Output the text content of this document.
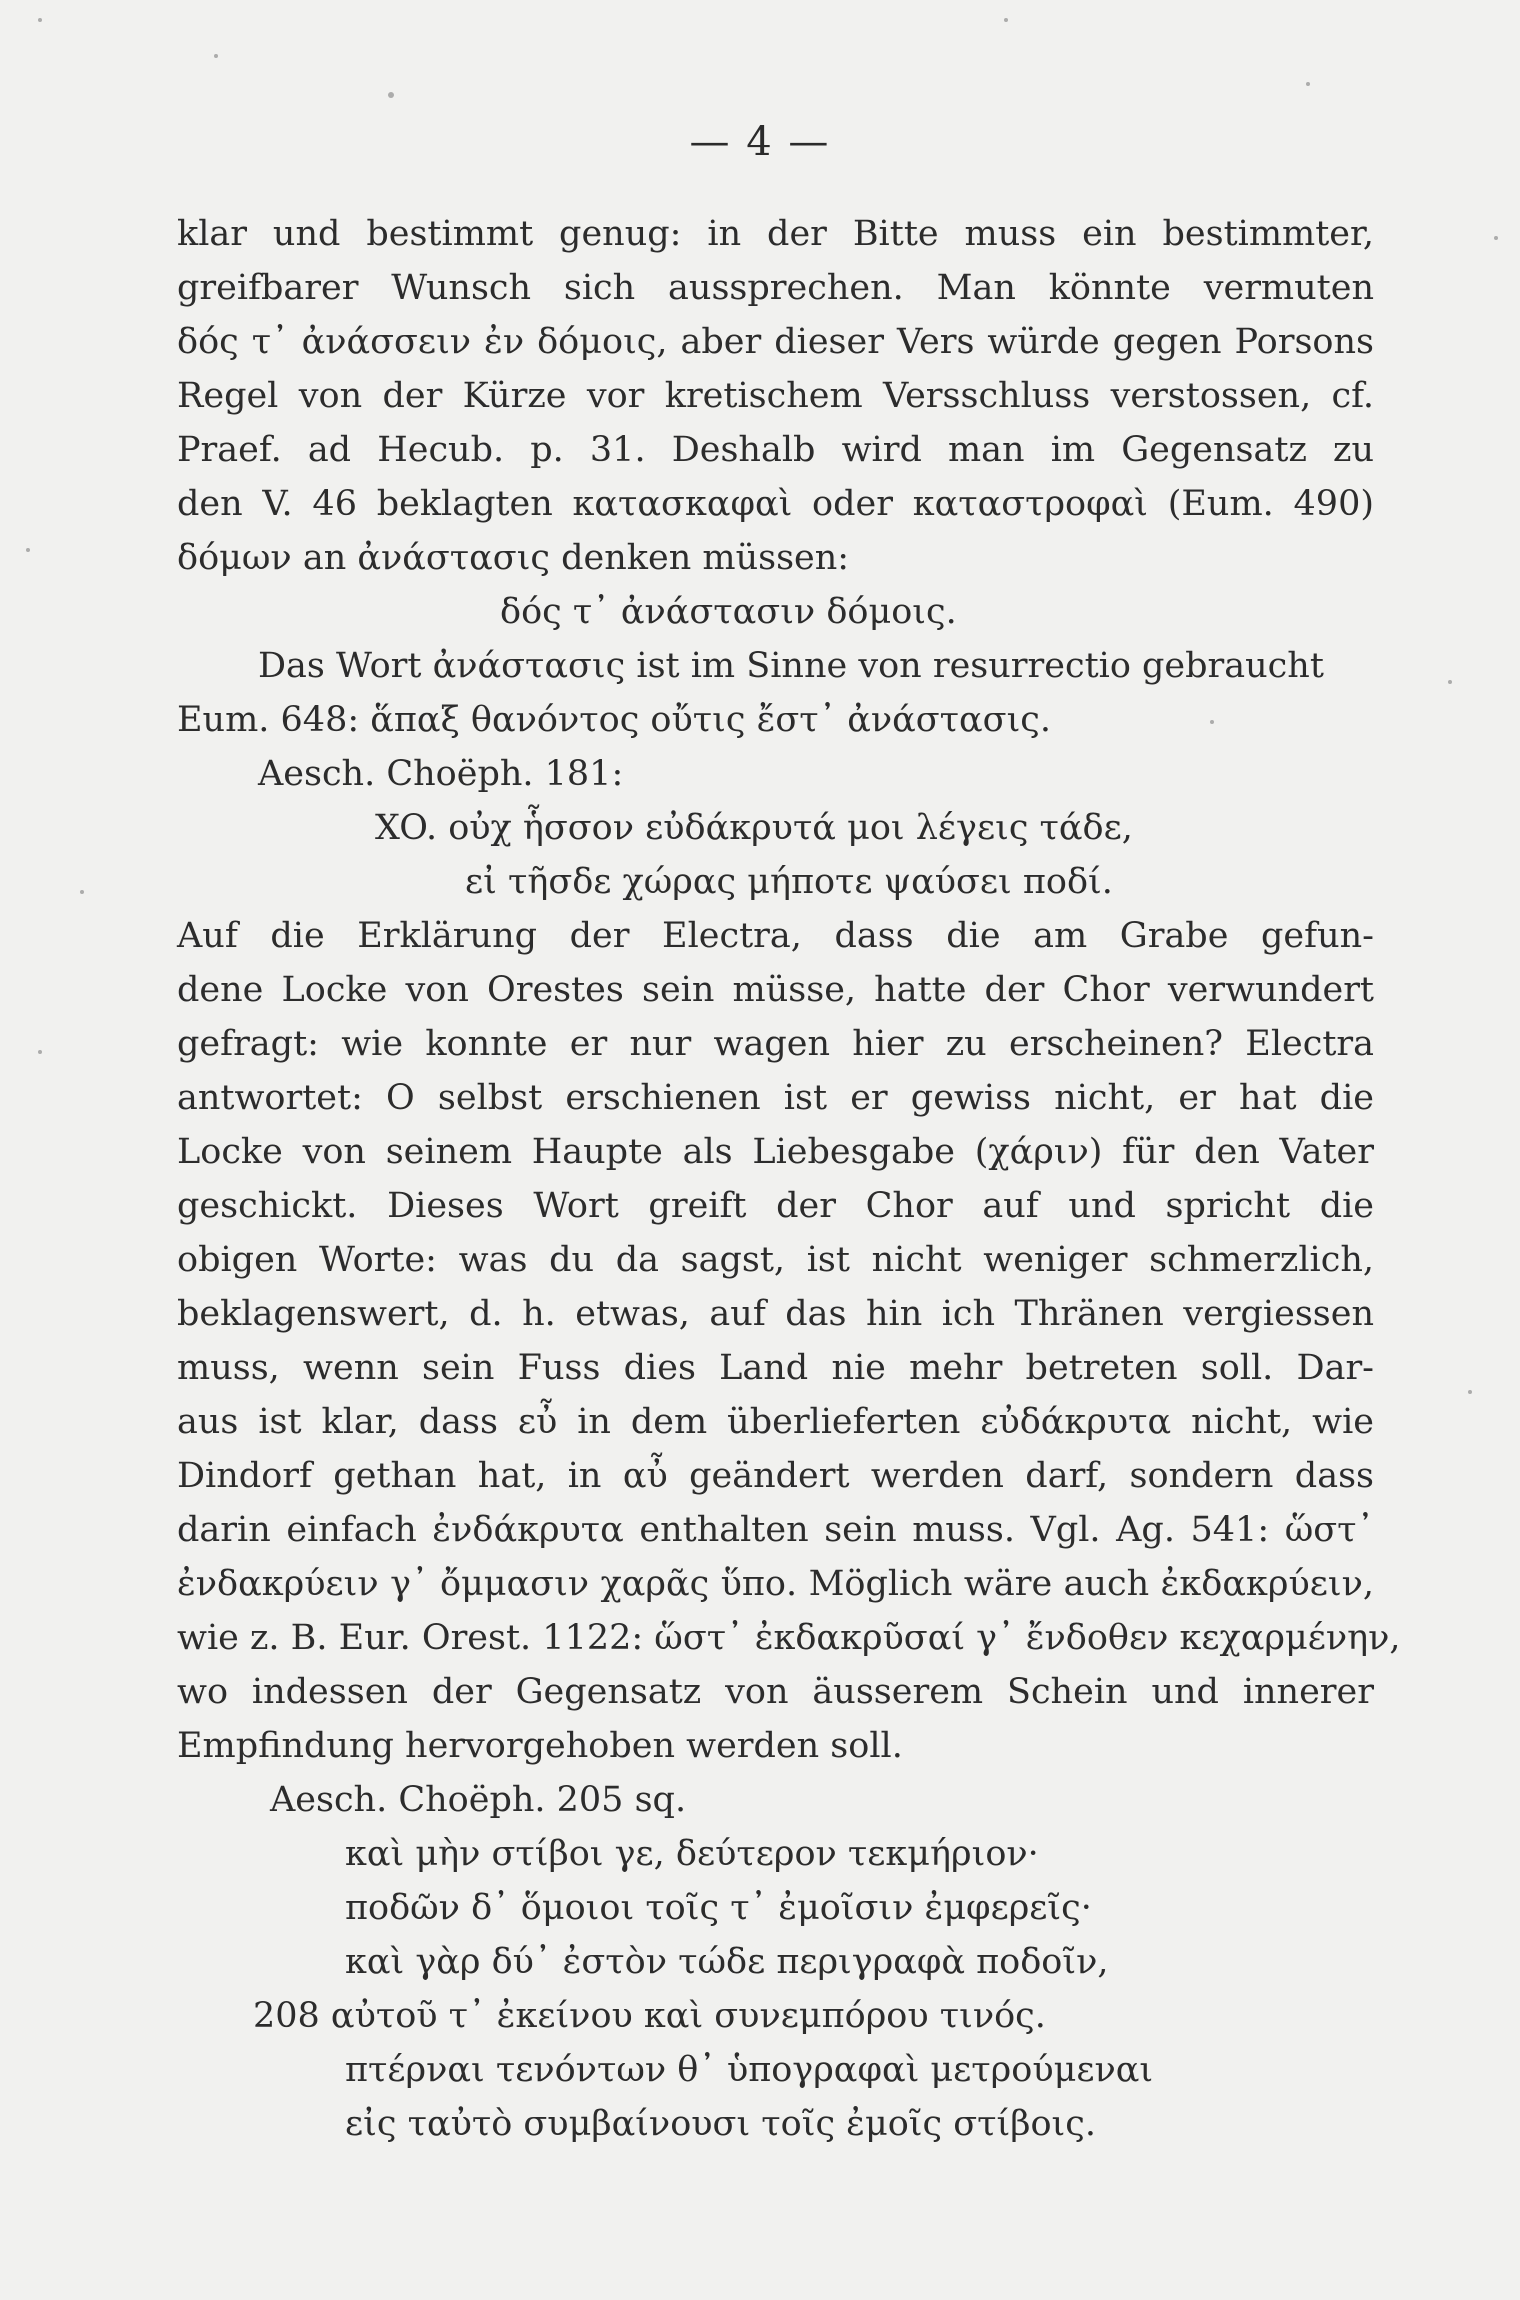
— 4 —
klar und bestimmt genug: in der Bitte muss ein bestimmter,
greifbarer Wunsch sich aussprechen. Man könnte vermuten
δός τ᾽ ἀνάσσειν ἐν δόμοις, aber dieser Vers würde gegen Porsons
Regel von der Kürze vor kretischem Versschluss verstossen, cf.
Praef. ad Hecub. p. 31. Deshalb wird man im Gegensatz zu
den V. 46 beklagten κατασκαφαὶ oder καταστροφαὶ (Eum. 490)
δόμων an ἀνάστασις denken müssen:
δός τ᾽ ἀνάστασιν δόμοις.
Das Wort ἀνάστασις ist im Sinne von resurrectio gebraucht
Eum. 648: ἅπαξ θανόντος οὔτις ἔστ᾽ ἀνάστασις.
Aesch. Choëph. 181:
XO. οὐχ ἧσσον εὐδάκρυτά μοι λέγεις τάδε,
εἰ τῆσδε χώρας μήποτε ψαύσει ποδί.
Auf die Erklärung der Electra, dass die am Grabe gefun-
dene Locke von Orestes sein müsse, hatte der Chor verwundert
gefragt: wie konnte er nur wagen hier zu erscheinen? Electra
antwortet: O selbst erschienen ist er gewiss nicht, er hat die
Locke von seinem Haupte als Liebesgabe (χάριν) für den Vater
geschickt. Dieses Wort greift der Chor auf und spricht die
obigen Worte: was du da sagst, ist nicht weniger schmerzlich,
beklagenswert, d. h. etwas, auf das hin ich Thränen vergiessen
muss, wenn sein Fuss dies Land nie mehr betreten soll. Dar-
aus ist klar, dass εὖ in dem überlieferten εὐδάκρυτα nicht, wie
Dindorf gethan hat, in αὖ geändert werden darf, sondern dass
darin einfach ἐνδάκρυτα enthalten sein muss. Vgl. Ag. 541: ὥστ᾽
ἐνδακρύειν γ᾽ ὄμμασιν χαρᾶς ὕπο. Möglich wäre auch ἐκδακρύειν,
wie z. B. Eur. Orest. 1122: ὥστ᾽ ἐκδακρῦσαί γ᾽ ἔνδοθεν κεχαρμένην,
wo indessen der Gegensatz von äusserem Schein und innerer
Empfindung hervorgehoben werden soll.
Aesch. Choëph. 205 sq.
καὶ μὴν στίβοι γε, δεύτερον τεκμήριον·
ποδῶν δ᾽ ὅμοιοι τοῖς τ᾽ ἐμοῖσιν ἐμφερεῖς·
καὶ γὰρ δύ᾽ ἐστὸν τώδε περιγραφὰ ποδοῖν,
208 αὐτοῦ τ᾽ ἐκείνου καὶ συνεμπόρου τινός.
πτέρναι τενόντων θ᾽ ὑπογραφαὶ μετρούμεναι
εἰς ταὐτὸ συμβαίνουσι τοῖς ἐμοῖς στίβοις.
